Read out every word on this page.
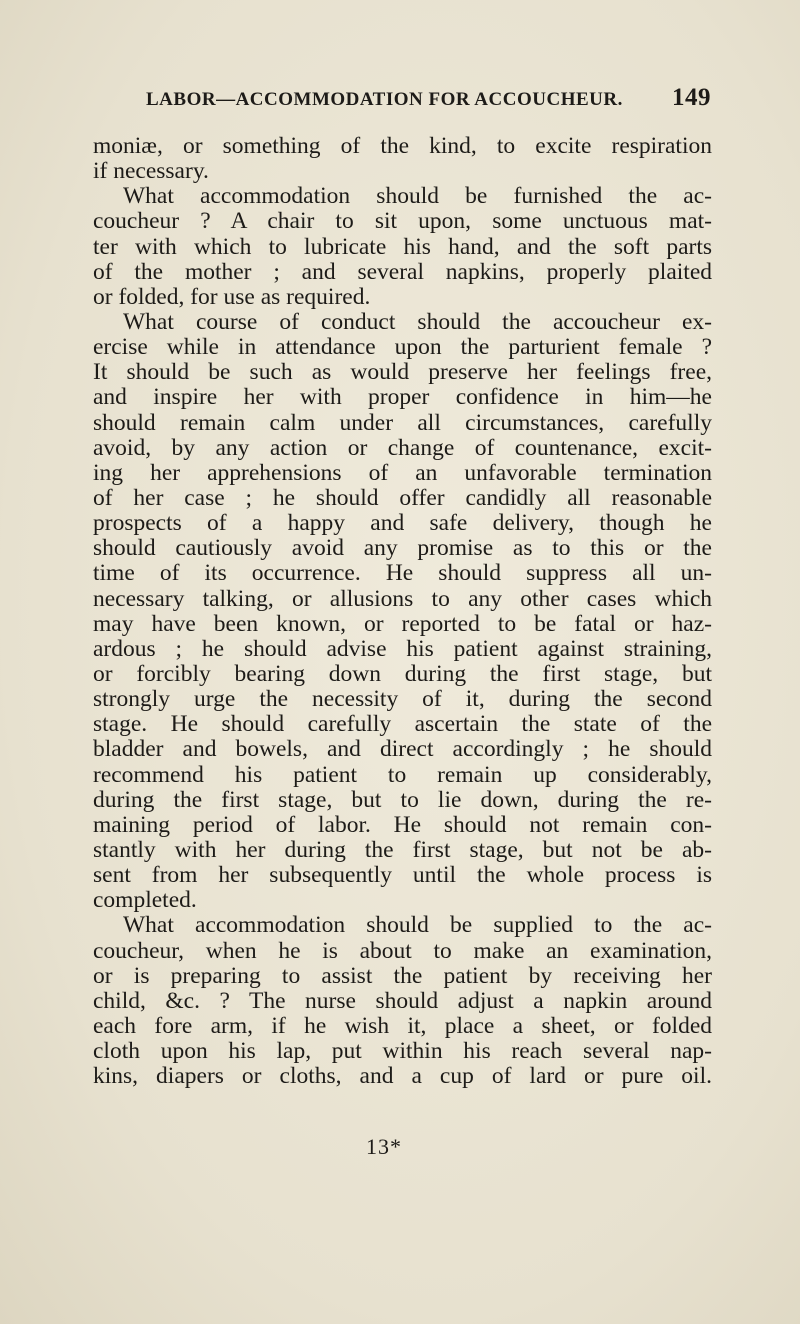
LABOR—ACCOMMODATION FOR ACCOUCHEUR. 149
moniæ, or something of the kind, to excite respiration
if necessary.
What accommodation should be furnished the ac-
coucheur ? A chair to sit upon, some unctuous mat-
ter with which to lubricate his hand, and the soft parts
of the mother ; and several napkins, properly plaited
or folded, for use as required.
What course of conduct should the accoucheur ex-
ercise while in attendance upon the parturient female ?
It should be such as would preserve her feelings free,
and inspire her with proper confidence in him—he
should remain calm under all circumstances, carefully
avoid, by any action or change of countenance, excit-
ing her apprehensions of an unfavorable termination
of her case ; he should offer candidly all reasonable
prospects of a happy and safe delivery, though he
should cautiously avoid any promise as to this or the
time of its occurrence. He should suppress all un-
necessary talking, or allusions to any other cases which
may have been known, or reported to be fatal or haz-
ardous ; he should advise his patient against straining,
or forcibly bearing down during the first stage, but
strongly urge the necessity of it, during the second
stage. He should carefully ascertain the state of the
bladder and bowels, and direct accordingly ; he should
recommend his patient to remain up considerably,
during the first stage, but to lie down, during the re-
maining period of labor. He should not remain con-
stantly with her during the first stage, but not be ab-
sent from her subsequently until the whole process is
completed.
What accommodation should be supplied to the ac-
coucheur, when he is about to make an examination,
or is preparing to assist the patient by receiving her
child, &c. ? The nurse should adjust a napkin around
each fore arm, if he wish it, place a sheet, or folded
cloth upon his lap, put within his reach several nap-
kins, diapers or cloths, and a cup of lard or pure oil.
13*
